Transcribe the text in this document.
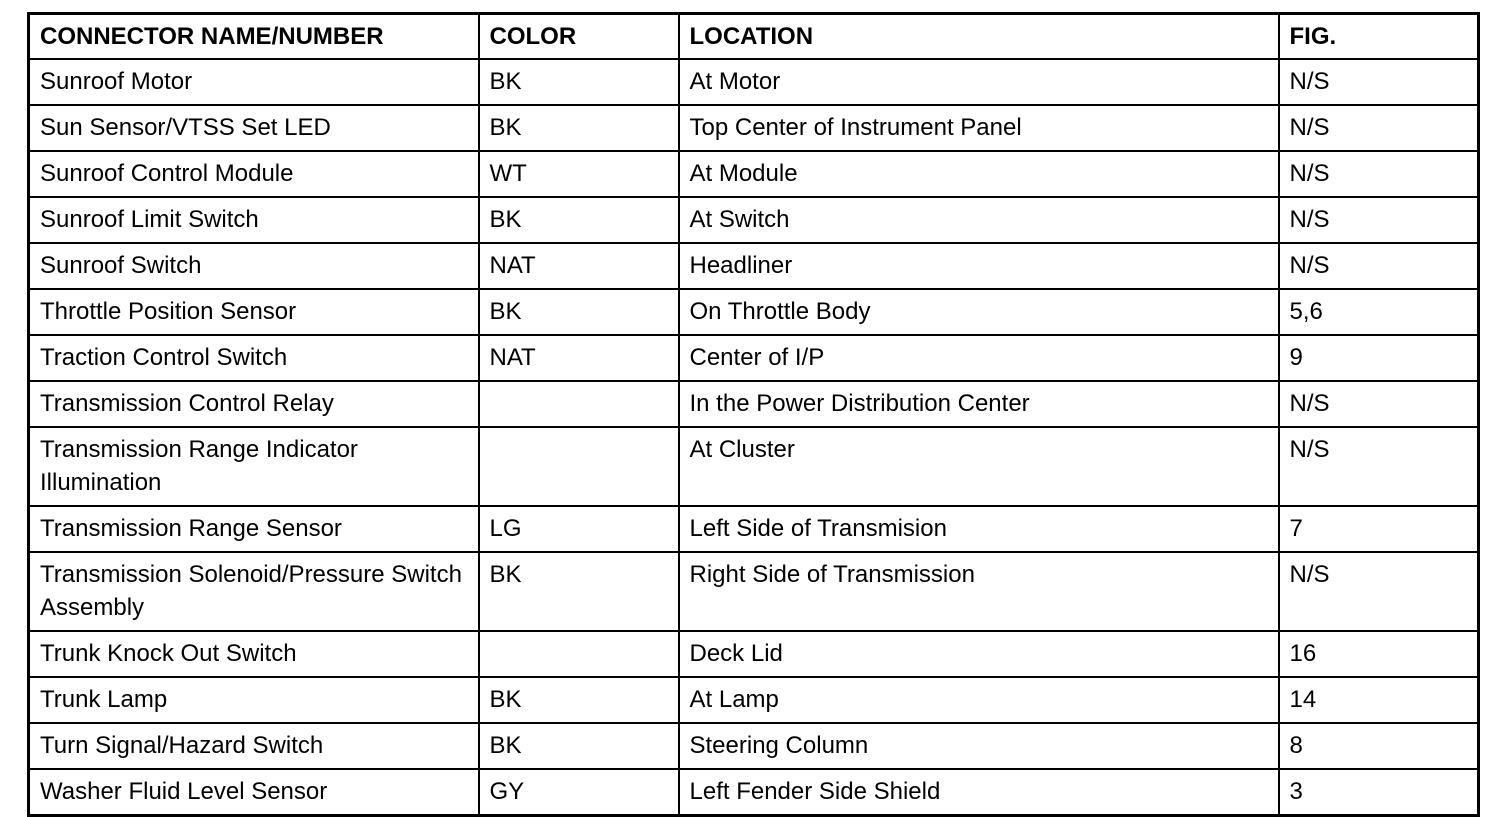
CONNECTOR NAME/NUMBER	COLOR	LOCATION	FIG.
Sunroof Motor	BK	At Motor	N/S
Sun Sensor/VTSS Set LED	BK	Top Center of Instrument Panel	N/S
Sunroof Control Module	WT	At Module	N/S
Sunroof Limit Switch	BK	At Switch	N/S
Sunroof Switch	NAT	Headliner	N/S
Throttle Position Sensor	BK	On Throttle Body	5,6
Traction Control Switch	NAT	Center of I/P	9
Transmission Control Relay		In the Power Distribution Center	N/S
Transmission Range Indicator Illumination		At Cluster	N/S
Transmission Range Sensor	LG	Left Side of Transmision	7
Transmission Solenoid/Pressure Switch Assembly	BK	Right Side of Transmission	N/S
Trunk Knock Out Switch		Deck Lid	16
Trunk Lamp	BK	At Lamp	14
Turn Signal/Hazard Switch	BK	Steering Column	8
Washer Fluid Level Sensor	GY	Left Fender Side Shield	3
